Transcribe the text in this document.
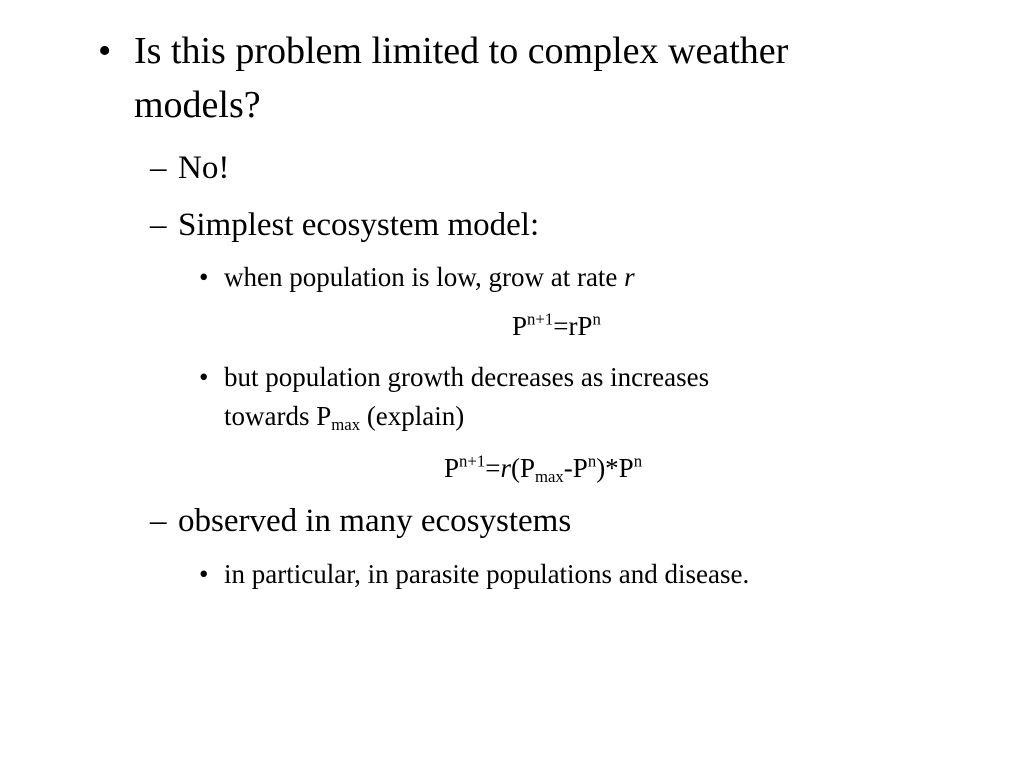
• Is this problem limited to complex weather
models?
– No!
– Simplest ecosystem model:
• when population is low, grow at rate r
$P^{n+1}=rP^n$
• but population growth decreases as increases
towards $P_{max}$ (explain)
$P^{n+1}=r(P_{max}-P^n)*P^n$
– observed in many ecosystems
• in particular, in parasite populations and disease.
